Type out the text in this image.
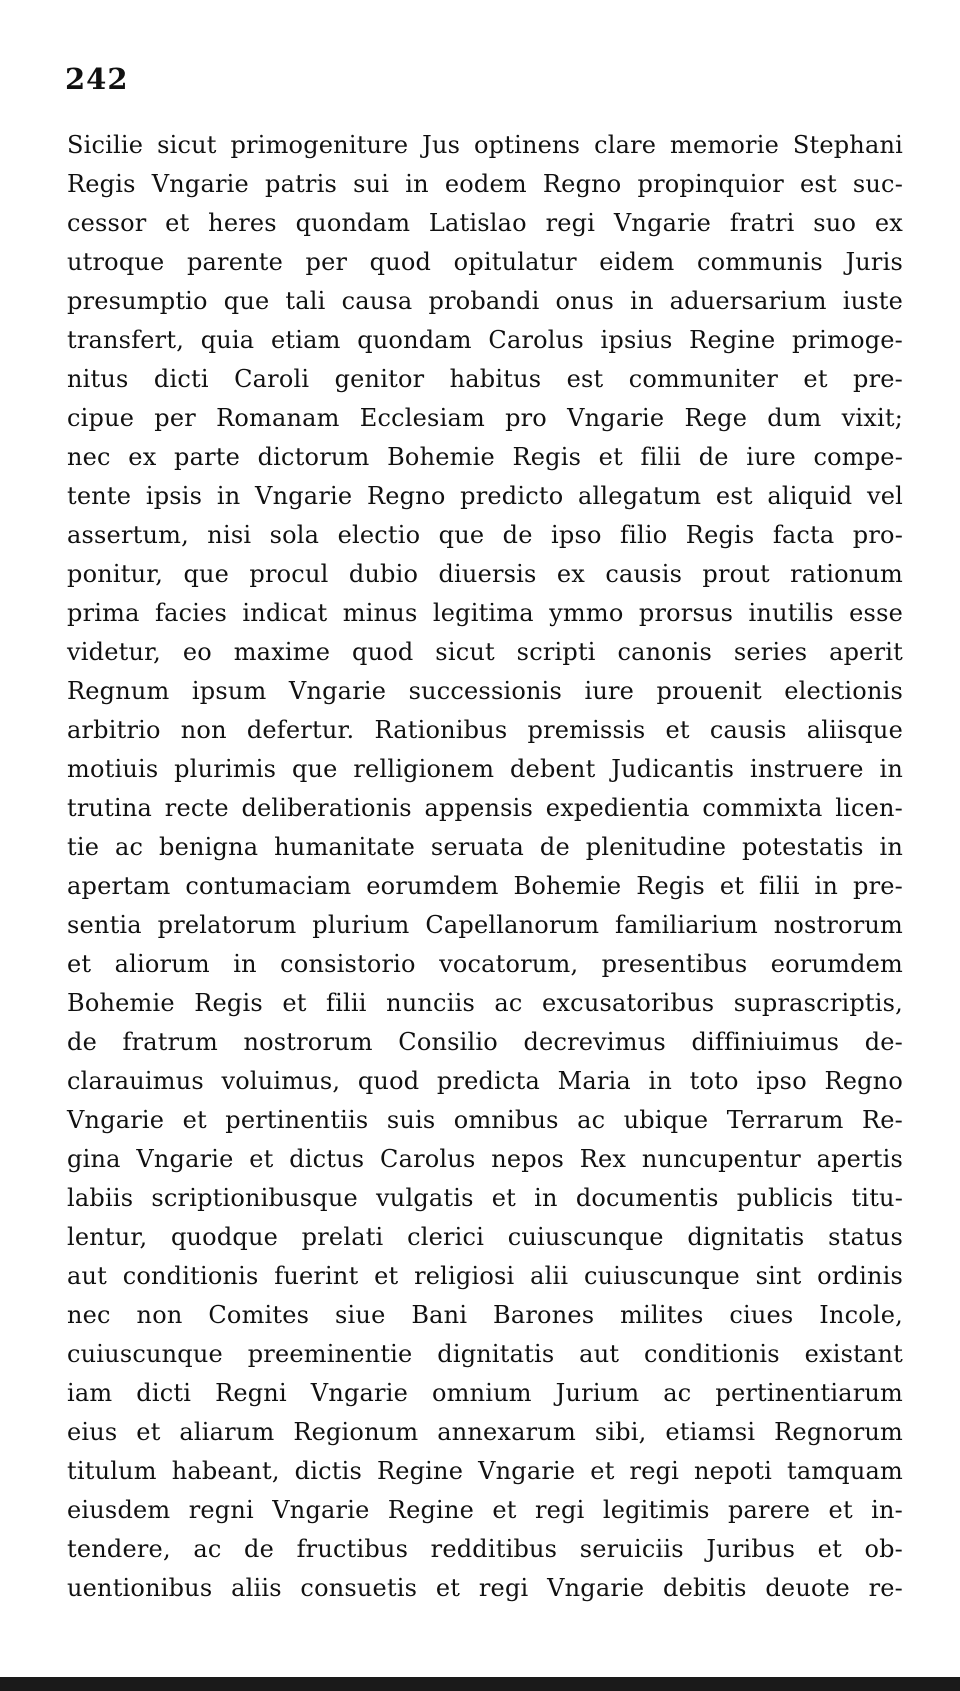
242
Sicilie sicut primogeniture Jus optinens clare memorie Stephani
Regis Vngarie patris sui in eodem Regno propinquior est suc-
cessor et heres quondam Latislao regi Vngarie fratri suo ex
utroque parente per quod opitulatur eidem communis Juris
presumptio que tali causa probandi onus in aduersarium iuste
transfert, quia etiam quondam Carolus ipsius Regine primoge-
nitus dicti Caroli genitor habitus est communiter et pre-
cipue per Romanam Ecclesiam pro Vngarie Rege dum vixit;
nec ex parte dictorum Bohemie Regis et filii de iure compe-
tente ipsis in Vngarie Regno predicto allegatum est aliquid vel
assertum, nisi sola electio que de ipso filio Regis facta pro-
ponitur, que procul dubio diuersis ex causis prout rationum
prima facies indicat minus legitima ymmo prorsus inutilis esse
videtur, eo maxime quod sicut scripti canonis series aperit
Regnum ipsum Vngarie successionis iure prouenit electionis
arbitrio non defertur. Rationibus premissis et causis aliisque
motiuis plurimis que relligionem debent Judicantis instruere in
trutina recte deliberationis appensis expedientia commixta licen-
tie ac benigna humanitate seruata de plenitudine potestatis in
apertam contumaciam eorumdem Bohemie Regis et filii in pre-
sentia prelatorum plurium Capellanorum familiarium nostrorum
et aliorum in consistorio vocatorum, presentibus eorumdem
Bohemie Regis et filii nunciis ac excusatoribus suprascriptis,
de fratrum nostrorum Consilio decrevimus diffiniuimus de-
clarauimus voluimus, quod predicta Maria in toto ipso Regno
Vngarie et pertinentiis suis omnibus ac ubique Terrarum Re-
gina Vngarie et dictus Carolus nepos Rex nuncupentur apertis
labiis scriptionibusque vulgatis et in documentis publicis titu-
lentur, quodque prelati clerici cuiuscunque dignitatis status
aut conditionis fuerint et religiosi alii cuiuscunque sint ordinis
nec non Comites siue Bani Barones milites ciues Incole,
cuiuscunque preeminentie dignitatis aut conditionis existant
iam dicti Regni Vngarie omnium Jurium ac pertinentiarum
eius et aliarum Regionum annexarum sibi, etiamsi Regnorum
titulum habeant, dictis Regine Vngarie et regi nepoti tamquam
eiusdem regni Vngarie Regine et regi legitimis parere et in-
tendere, ac de fructibus redditibus seruiciis Juribus et ob-
uentionibus aliis consuetis et regi Vngarie debitis deuote re-
